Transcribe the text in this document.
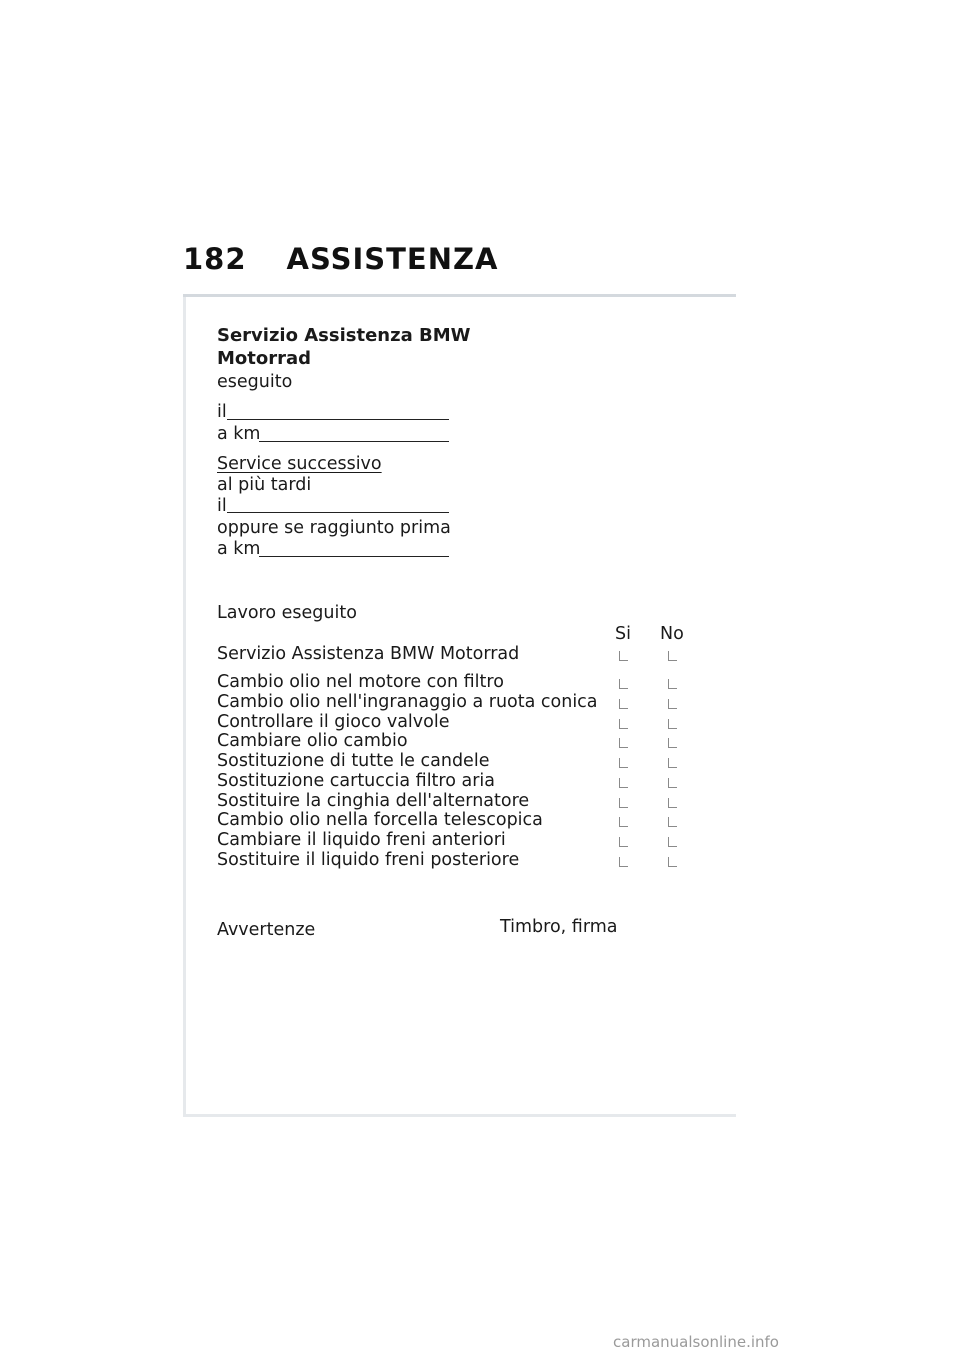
182 ASSISTENZA
Servizio Assistenza BMW
Motorrad
eseguito
il
a km
Service successivo
al più tardi
il
oppure se raggiunto prima
a km
Lavoro eseguito
Si No
Servizio Assistenza BMW Motorrad
Cambio olio nel motore con filtro
Cambio olio nell'ingranaggio a ruota conica
Controllare il gioco valvole
Cambiare olio cambio
Sostituzione di tutte le candele
Sostituzione cartuccia filtro aria
Sostituire la cinghia dell'alternatore
Cambio olio nella forcella telescopica
Cambiare il liquido freni anteriori
Sostituire il liquido freni posteriore
Avvertenze	Timbro, firma
carmanualsonline.info
